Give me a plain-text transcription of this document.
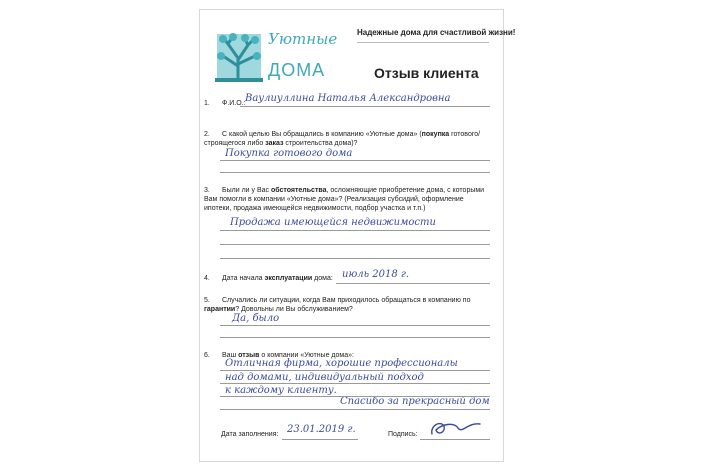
Уютные
ДОМА
Надежные дома для счастливой жизни!
Отзыв клиента
1. Ф.И.О.: Ваулиуллина Наталья Александровна
2. С какой целью Вы обращались в компанию «Уютные дома» (покупка готового/строящегося либо заказ строительства дома)?
Покупка готового дома
3. Были ли у Вас обстоятельства, осложняющие приобретение дома, с которыми Вам помогли в компании «Уютные дома»? (Реализация субсидий, оформление ипотеки, продажа имеющейся недвижимости, подбор участка и т.п.)
Продажа имеющейся недвижимости
4. Дата начала эксплуатации дома: июль 2018 г.
5. Случались ли ситуации, когда Вам приходилось обращаться в компанию по гарантии? Довольны ли Вы обслуживанием?
Да, было
6. Ваш отзыв о компании «Уютные дома»:
Отличная фирма, хорошие профессионалы
над домами, индивидуальный подход
к каждому клиенту.
Спасибо за прекрасный дом
Дата заполнения: 23.01.2019 г.	Подпись:
